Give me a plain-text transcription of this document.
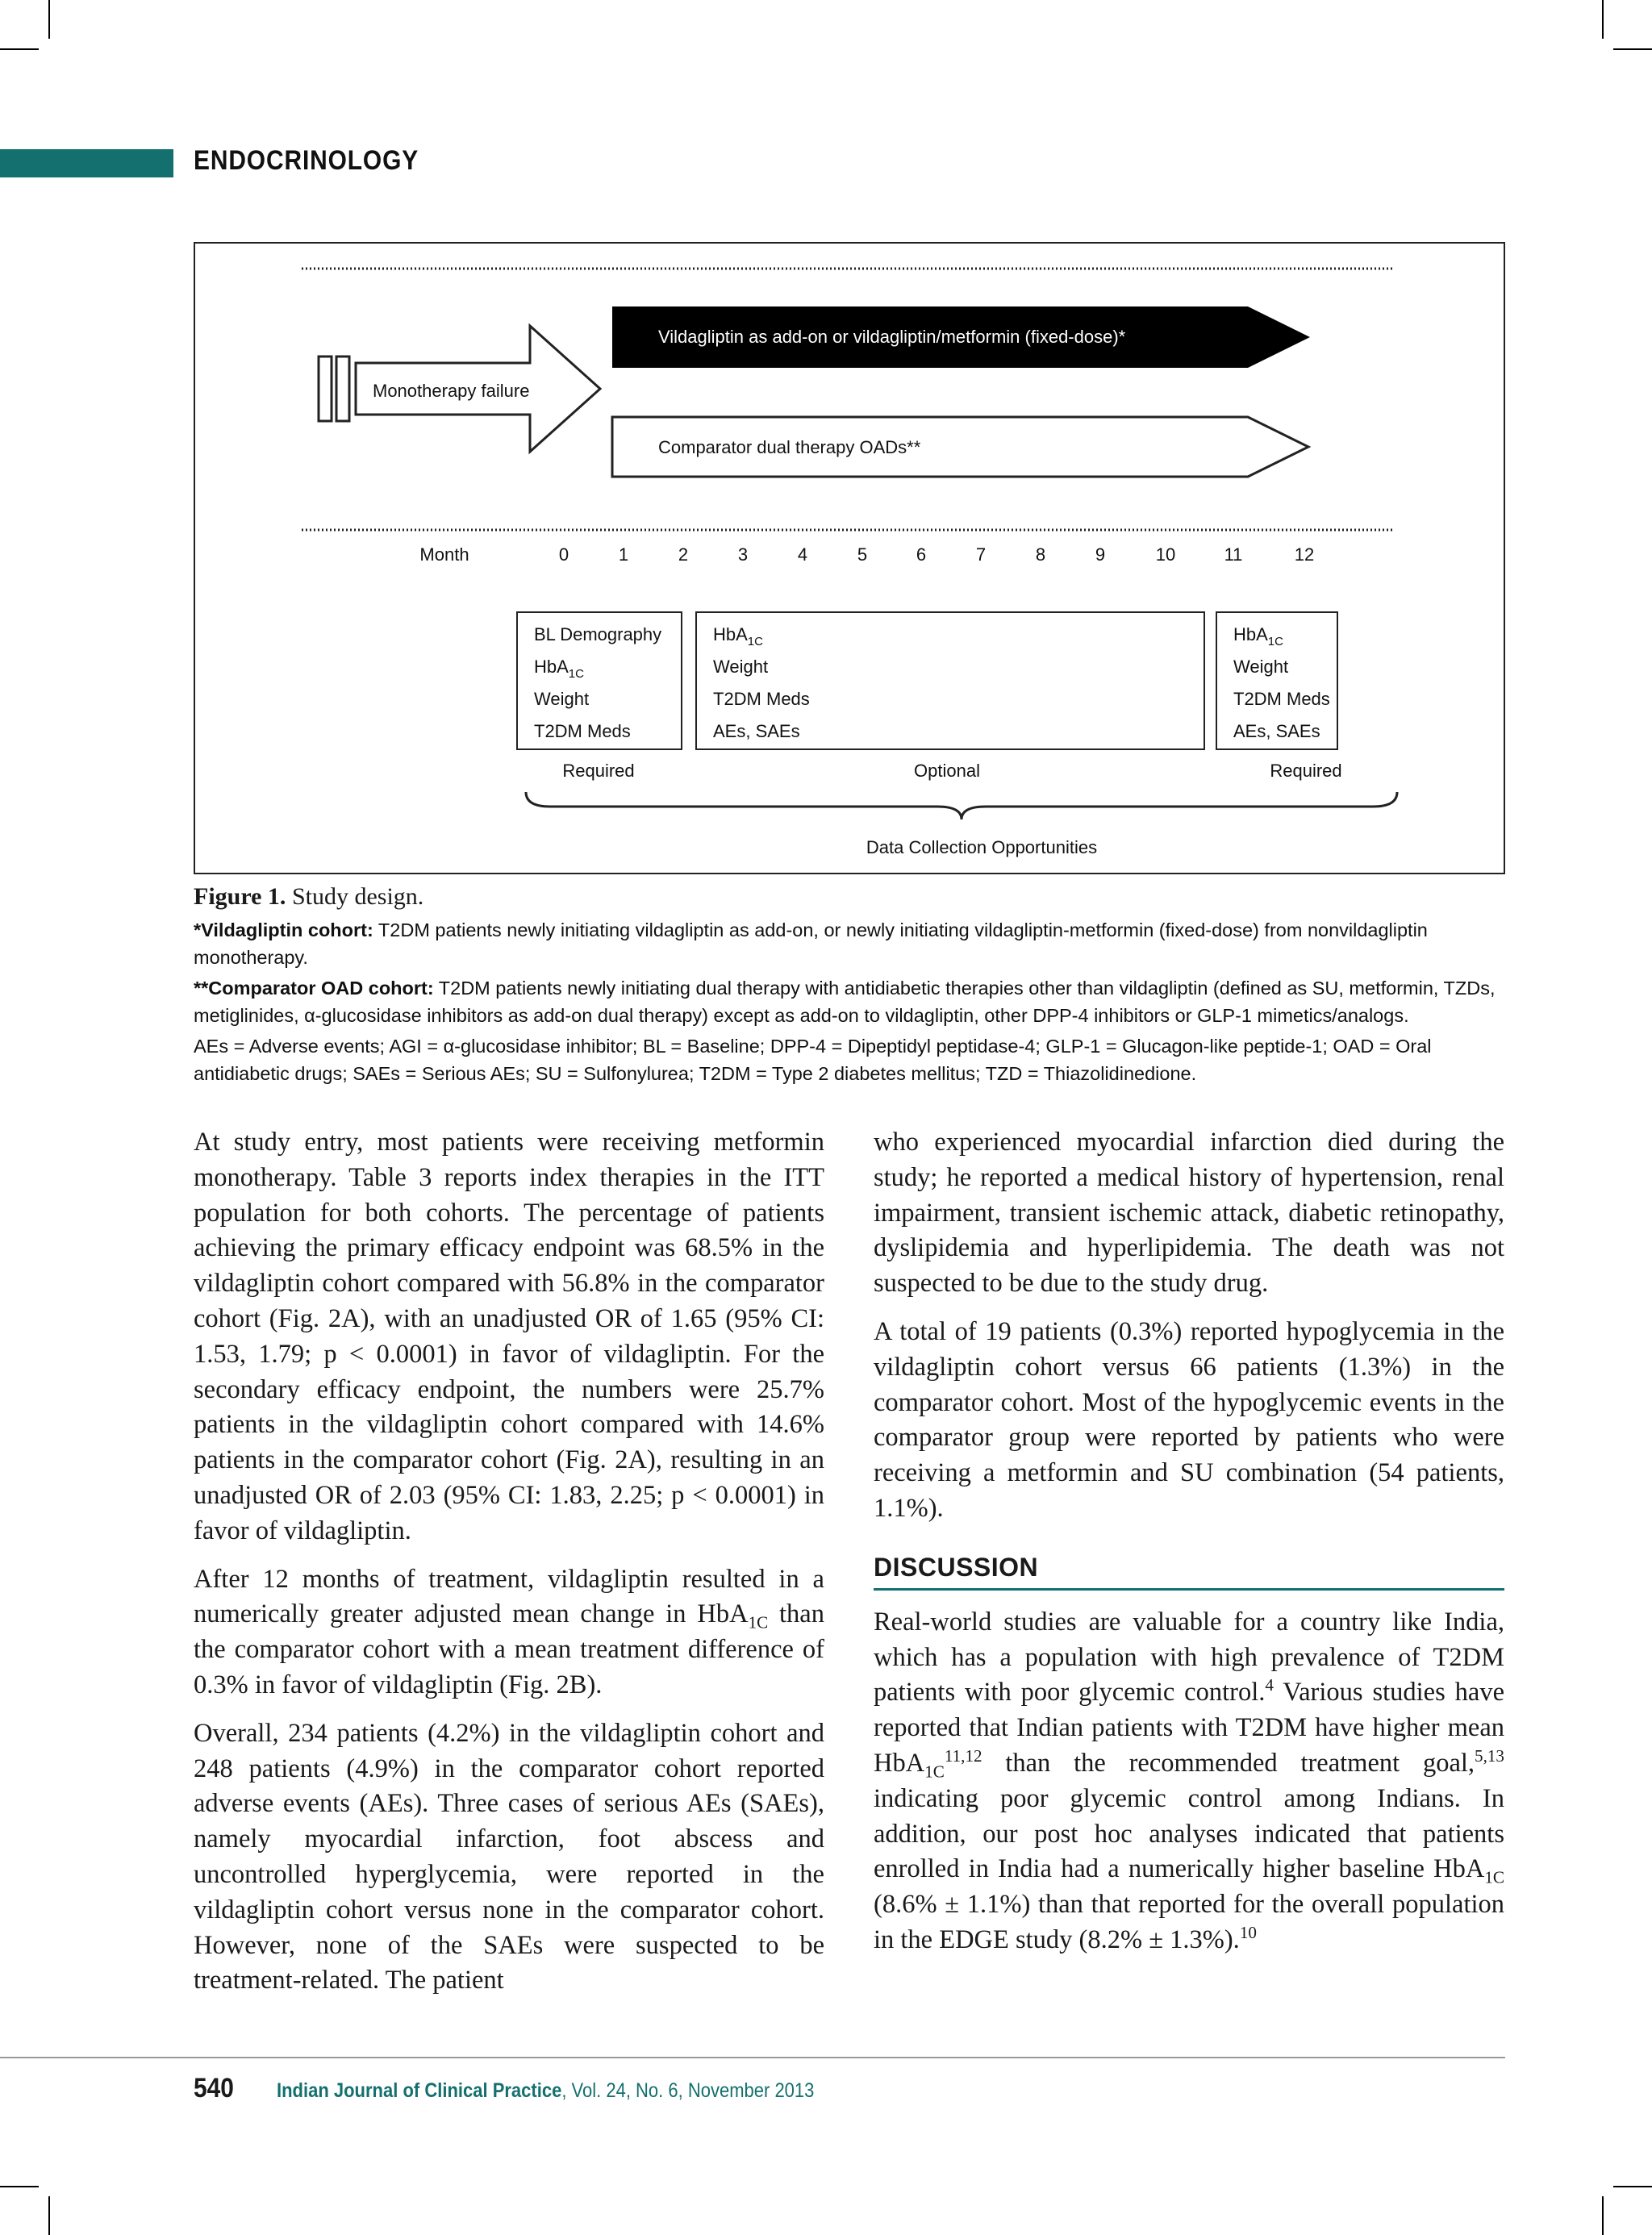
ENDOCRINOLOGY
Monotherapy failure
Vildagliptin as add-on or vildagliptin/metformin (fixed-dose)*
Comparator dual therapy OADs**
Month	0	1	2	3	4	5	6	7	8	9	10	11	12
BL Demography
HbA$_{1C}$
Weight
T2DM Meds
HbA$_{1C}$
Weight
T2DM Meds
AEs, SAEs
HbA$_{1C}$
Weight
T2DM Meds
AEs, SAEs
Required	Optional	Required
Data Collection Opportunities
Figure 1. Study design.
*Vildagliptin cohort: T2DM patients newly initiating vildagliptin as add-on, or newly initiating vildagliptin-metformin (fixed-dose) from nonvildagliptin monotherapy.
**Comparator OAD cohort: T2DM patients newly initiating dual therapy with antidiabetic therapies other than vildagliptin (defined as SU, metformin, TZDs, metiglinides, α-glucosidase inhibitors as add-on dual therapy) except as add-on to vildagliptin, other DPP-4 inhibitors or GLP-1 mimetics/analogs.
AEs = Adverse events; AGI = α-glucosidase inhibitor; BL = Baseline; DPP-4 = Dipeptidyl peptidase-4; GLP-1 = Glucagon-like peptide-1; OAD = Oral antidiabetic drugs; SAEs = Serious AEs; SU = Sulfonylurea; T2DM = Type 2 diabetes mellitus; TZD = Thiazolidinedione.

At study entry, most patients were receiving metformin monotherapy. Table 3 reports index therapies in the ITT population for both cohorts. The percentage of patients achieving the primary efficacy endpoint was 68.5% in the vildagliptin cohort compared with 56.8% in the comparator cohort (Fig. 2A), with an unadjusted OR of 1.65 (95% CI: 1.53, 1.79; p < 0.0001) in favor of vildagliptin. For the secondary efficacy endpoint, the numbers were 25.7% patients in the vildagliptin cohort compared with 14.6% patients in the comparator cohort (Fig. 2A), resulting in an unadjusted OR of 2.03 (95% CI: 1.83, 2.25; p < 0.0001) in favor of vildagliptin.

After 12 months of treatment, vildagliptin resulted in a numerically greater adjusted mean change in HbA$_{1C}$ than the comparator cohort with a mean treatment difference of 0.3% in favor of vildagliptin (Fig. 2B).

Overall, 234 patients (4.2%) in the vildagliptin cohort and 248 patients (4.9%) in the comparator cohort reported adverse events (AEs). Three cases of serious AEs (SAEs), namely myocardial infarction, foot abscess and uncontrolled hyperglycemia, were reported in the vildagliptin cohort versus none in the comparator cohort. However, none of the SAEs were suspected to be treatment-related. The patient

who experienced myocardial infarction died during the study; he reported a medical history of hypertension, renal impairment, transient ischemic attack, diabetic retinopathy, dyslipidemia and hyperlipidemia. The death was not suspected to be due to the study drug.

A total of 19 patients (0.3%) reported hypoglycemia in the vildagliptin cohort versus 66 patients (1.3%) in the comparator cohort. Most of the hypoglycemic events in the comparator group were reported by patients who were receiving a metformin and SU combination (54 patients, 1.1%).

DISCUSSION

Real-world studies are valuable for a country like India, which has a population with high prevalence of T2DM patients with poor glycemic control.$^4$ Various studies have reported that Indian patients with T2DM have higher mean HbA$_{1C}^{11,12}$ than the recommended treatment goal,$^{5,13}$ indicating poor glycemic control among Indians. In addition, our post hoc analyses indicated that patients enrolled in India had a numerically higher baseline HbA$_{1C}$ (8.6% ± 1.1%) than that reported for the overall population in the EDGE study (8.2% ± 1.3%).$^{10}$

540 Indian Journal of Clinical Practice, Vol. 24, No. 6, November 2013
